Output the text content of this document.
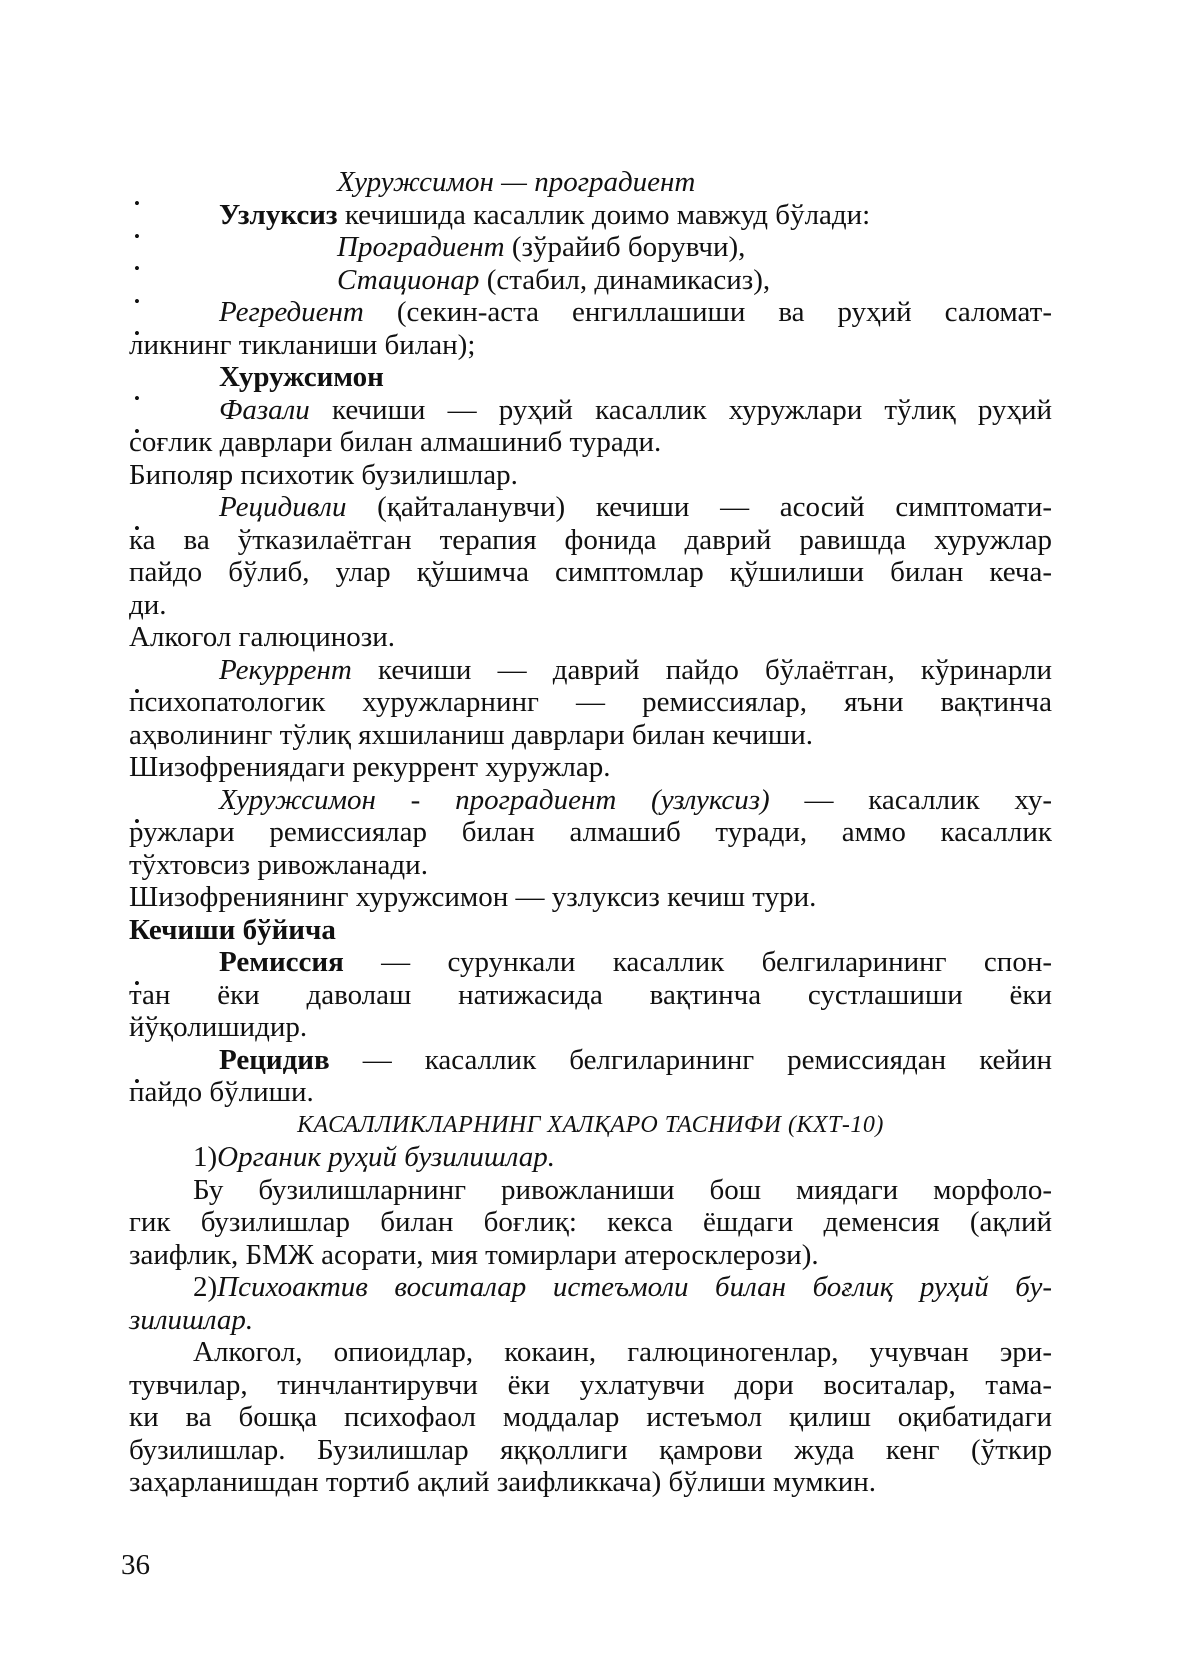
Хуружсимон — проградиент
Узлуксиз кечишида касаллик доимо мавжуд бўлади:
Проградиент (зўрайиб борувчи),
Стационар (стабил, динамикасиз),
Регредиент (секин-аста енгиллашиши ва руҳий саломат-
ликнинг тикланиши билан);
Хуружсимон
Фазали кечиши — руҳий касаллик хуружлари тўлиқ руҳий
соғлик даврлари билан алмашиниб туради.
Биполяр психотик бузилишлар.
Рецидивли (қайталанувчи) кечиши — асосий симптомати-
ка ва ўтказилаётган терапия фонида даврий равишда хуружлар
пайдо бўлиб, улар қўшимча симптомлар қўшилиши билан кеча-
ди.
Алкогол галюцинози.
Рекуррент кечиши — даврий пайдо бўлаётган, кўринарли
психопатологик хуружларнинг — ремиссиялар, яъни вақтинча
аҳволининг тўлиқ яхшиланиш даврлари билан кечиши.
Шизофрениядаги рекуррент хуружлар.
Хуружсимон - проградиент (узлуксиз) — касаллик ху-
ружлари ремиссиялар билан алмашиб туради, аммо касаллик
тўхтовсиз ривожланади.
Шизофрениянинг хуружсимон — узлуксиз кечиш тури.
Кечиши бўйича
Ремиссия — сурункали касаллик белгиларининг спон-
тан ёки даволаш натижасида вақтинча сустлашиши ёки
йўқолишидир.
Рецидив — касаллик белгиларининг ремиссиядан кейин
пайдо бўлиши.
КАСАЛЛИКЛАРНИНГ ХАЛҚАРО ТАСНИФИ (КХТ-10)
1)Органик руҳий бузилишлар.
Бу бузилишларнинг ривожланиши бош миядаги морфоло-
гик бузилишлар билан боғлиқ: кекса ёшдаги деменсия (ақлий
заифлик, БМЖ асорати, мия томирлари атеросклерози).
2)Психоактив воситалар истеъмоли билан боғлиқ руҳий бу-
зилишлар.
Алкогол, опиоидлар, кокаин, галюциногенлар, учувчан эри-
тувчилар, тинчлантирувчи ёки ухлатувчи дори воситалар, тама-
ки ва бошқа психофаол моддалар истеъмол қилиш оқибатидаги
бузилишлар. Бузилишлар яққоллиги қамрови жуда кенг (ўткир
заҳарланишдан тортиб ақлий заифликкача) бўлиши мумкин.
36
